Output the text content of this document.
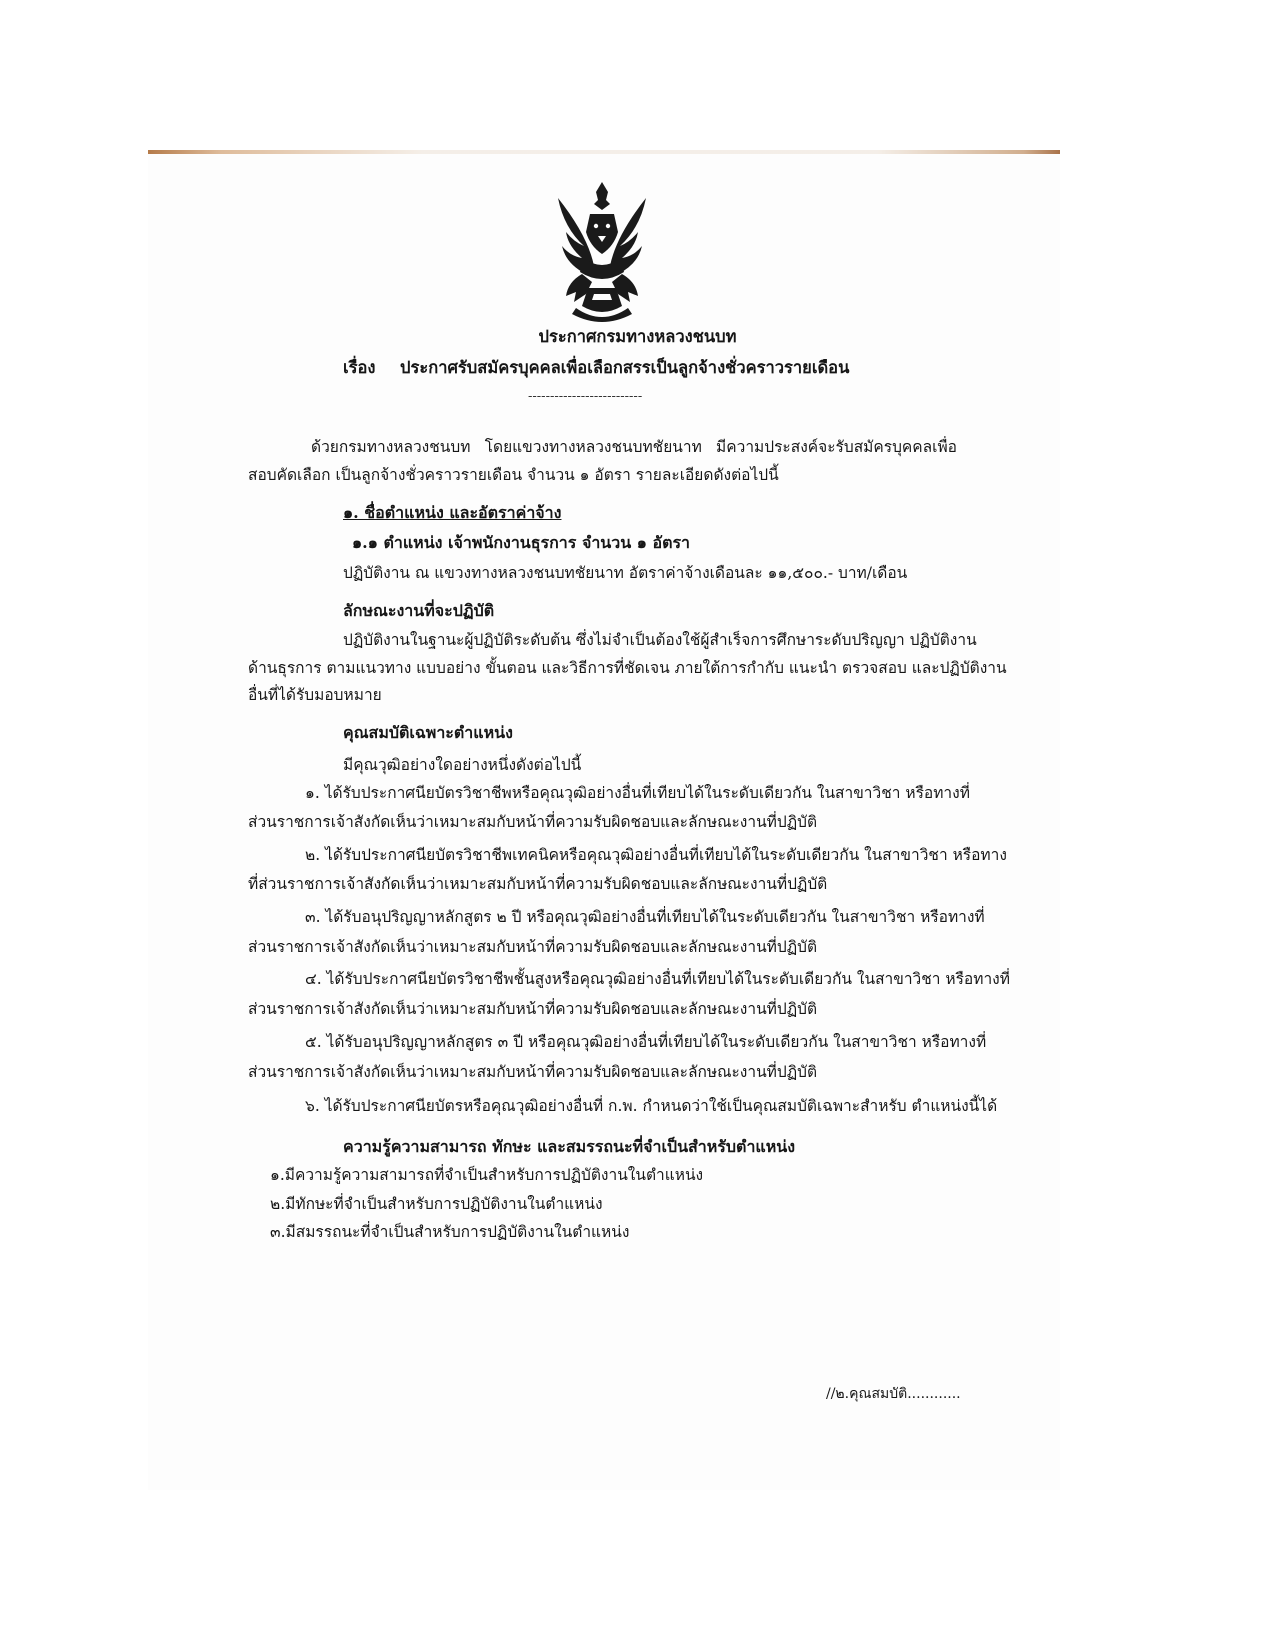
ประกาศกรมทางหลวงชนบท
เรื่อง ประกาศรับสมัครบุคคลเพื่อเลือกสรรเป็นลูกจ้างชั่วคราวรายเดือน
--------------------------
ด้วยกรมทางหลวงชนบท โดยแขวงทางหลวงชนบทชัยนาท มีความประสงค์จะรับสมัครบุคคลเพื่อ
สอบคัดเลือก เป็นลูกจ้างชั่วคราวรายเดือน จำนวน ๑ อัตรา รายละเอียดดังต่อไปนี้
๑. ชื่อตำแหน่ง และอัตราค่าจ้าง
๑.๑ ตำแหน่ง เจ้าพนักงานธุรการ จำนวน ๑ อัตรา
ปฏิบัติงาน ณ แขวงทางหลวงชนบทชัยนาท อัตราค่าจ้างเดือนละ ๑๑,๕๐๐.- บาท/เดือน
ลักษณะงานที่จะปฏิบัติ
ปฏิบัติงานในฐานะผู้ปฏิบัติระดับต้น ซึ่งไม่จำเป็นต้องใช้ผู้สำเร็จการศึกษาระดับปริญญา ปฏิบัติงาน
ด้านธุรการ ตามแนวทาง แบบอย่าง ขั้นตอน และวิธีการที่ชัดเจน ภายใต้การกำกับ แนะนำ ตรวจสอบ และปฏิบัติงาน
อื่นที่ได้รับมอบหมาย
คุณสมบัติเฉพาะตำแหน่ง
มีคุณวุฒิอย่างใดอย่างหนึ่งดังต่อไปนี้
๑. ได้รับประกาศนียบัตรวิชาชีพหรือคุณวุฒิอย่างอื่นที่เทียบได้ในระดับเดียวกัน ในสาขาวิชา หรือทางที่
ส่วนราชการเจ้าสังกัดเห็นว่าเหมาะสมกับหน้าที่ความรับผิดชอบและลักษณะงานที่ปฏิบัติ
๒. ได้รับประกาศนียบัตรวิชาชีพเทคนิคหรือคุณวุฒิอย่างอื่นที่เทียบได้ในระดับเดียวกัน ในสาขาวิชา หรือทาง
ที่ส่วนราชการเจ้าสังกัดเห็นว่าเหมาะสมกับหน้าที่ความรับผิดชอบและลักษณะงานที่ปฏิบัติ
๓. ได้รับอนุปริญญาหลักสูตร ๒ ปี หรือคุณวุฒิอย่างอื่นที่เทียบได้ในระดับเดียวกัน ในสาขาวิชา หรือทางที่
ส่วนราชการเจ้าสังกัดเห็นว่าเหมาะสมกับหน้าที่ความรับผิดชอบและลักษณะงานที่ปฏิบัติ
๔. ได้รับประกาศนียบัตรวิชาชีพชั้นสูงหรือคุณวุฒิอย่างอื่นที่เทียบได้ในระดับเดียวกัน ในสาขาวิชา หรือทางที่
ส่วนราชการเจ้าสังกัดเห็นว่าเหมาะสมกับหน้าที่ความรับผิดชอบและลักษณะงานที่ปฏิบัติ
๕. ได้รับอนุปริญญาหลักสูตร ๓ ปี หรือคุณวุฒิอย่างอื่นที่เทียบได้ในระดับเดียวกัน ในสาขาวิชา หรือทางที่
ส่วนราชการเจ้าสังกัดเห็นว่าเหมาะสมกับหน้าที่ความรับผิดชอบและลักษณะงานที่ปฏิบัติ
๖. ได้รับประกาศนียบัตรหรือคุณวุฒิอย่างอื่นที่ ก.พ. กำหนดว่าใช้เป็นคุณสมบัติเฉพาะสำหรับ ตำแหน่งนี้ได้
ความรู้ความสามารถ ทักษะ และสมรรถนะที่จำเป็นสำหรับตำแหน่ง
๑.มีความรู้ความสามารถที่จำเป็นสำหรับการปฏิบัติงานในตำแหน่ง
๒.มีทักษะที่จำเป็นสำหรับการปฏิบัติงานในตำแหน่ง
๓.มีสมรรถนะที่จำเป็นสำหรับการปฏิบัติงานในตำแหน่ง
//๒.คุณสมบัติ............
